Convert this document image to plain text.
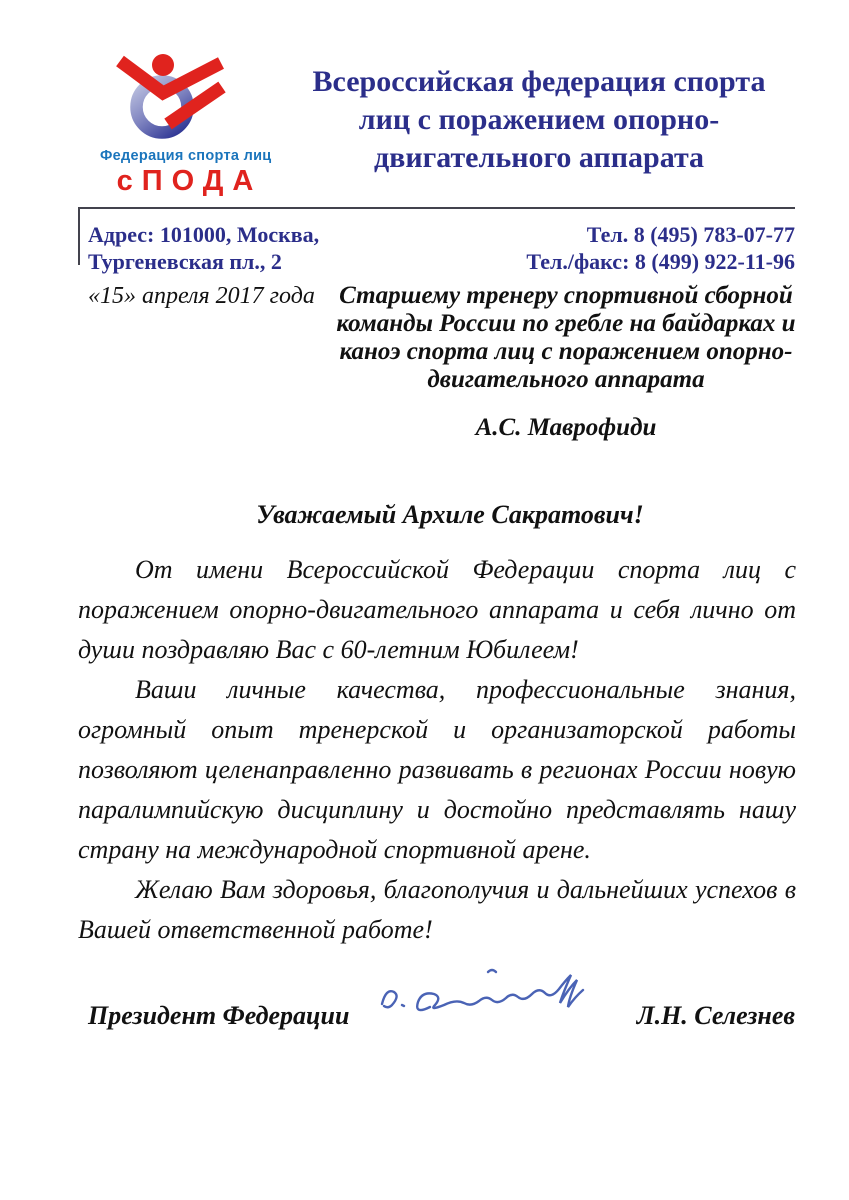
Федерация спорта лиц
сПОДА
Всероссийская федерация спорта
лиц с поражением опорно-
двигательного аппарата
Адрес: 101000, Москва,
Тургеневская пл., 2
Тел. 8 (495) 783-07-77
Тел./факс: 8 (499) 922-11-96
«15» апреля 2017 года Старшему тренеру спортивной сборной
команды России по гребле на байдарках и
каноэ спорта лиц с поражением опорно-
двигательного аппарата
А.С. Маврофиди
Уважаемый Архиле Сакратович!

От имени Всероссийской Федерации спорта лиц с поражением опорно-двигательного аппарата и себя лично от души поздравляю Вас с 60-летним Юбилеем!

Ваши личные качества, профессиональные знания, огромный опыт тренерской и организаторской работы позволяют целенаправленно развивать в регионах России новую паралимпийскую дисциплину и достойно представлять нашу страну на международной спортивной арене.

Желаю Вам здоровья, благополучия и дальнейших успехов в Вашей ответственной работе!

Президент Федерации	Л.Н. Селезнев
